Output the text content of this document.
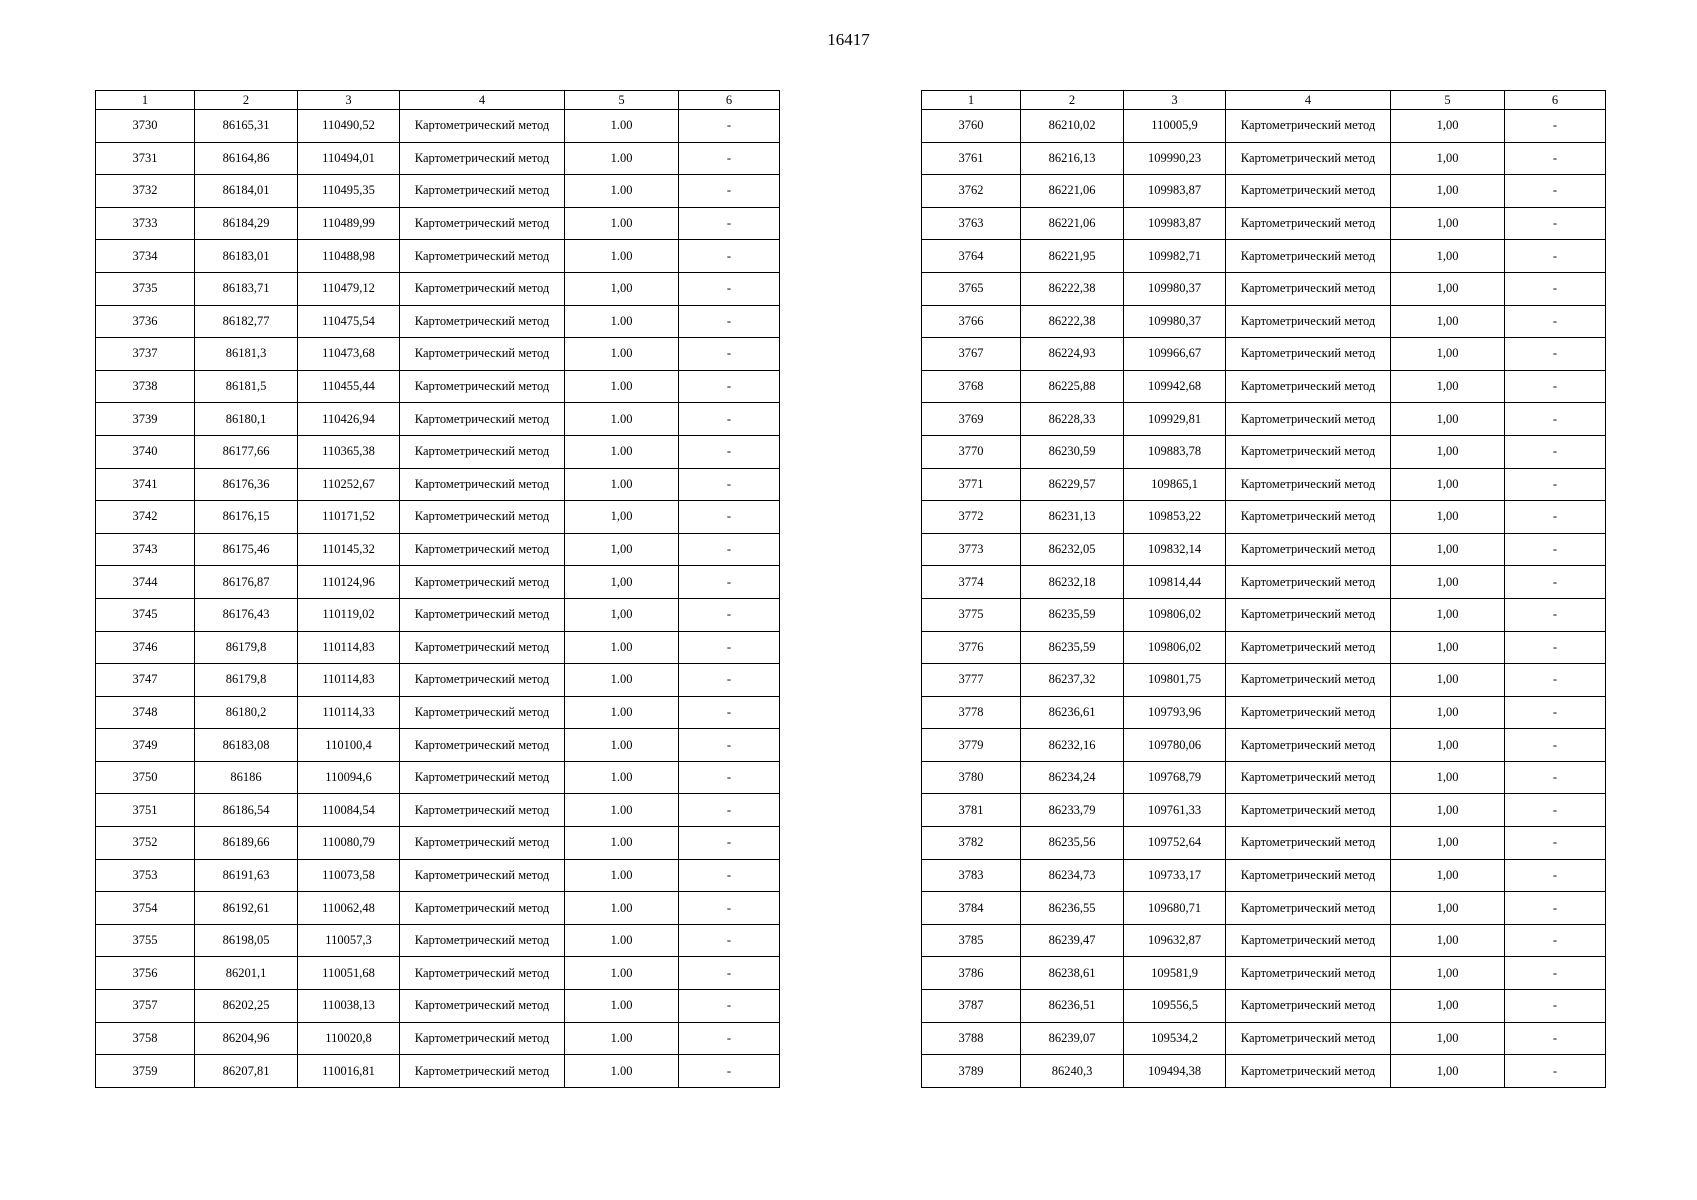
16417
1	2	3	4	5	6
3730	86165,31	110490,52	Картометрический метод	1.00	-
3731	86164,86	110494,01	Картометрический метод	1.00	-
3732	86184,01	110495,35	Картометрический метод	1.00	-
3733	86184,29	110489,99	Картометрический метод	1.00	-
3734	86183,01	110488,98	Картометрический метод	1.00	-
3735	86183,71	110479,12	Картометрический метод	1,00	-
3736	86182,77	110475,54	Картометрический метод	1.00	-
3737	86181,3	110473,68	Картометрический метод	1.00	-
3738	86181,5	110455,44	Картометрический метод	1.00	-
3739	86180,1	110426,94	Картометрический метод	1.00	-
3740	86177,66	110365,38	Картометрический метод	1.00	-
3741	86176,36	110252,67	Картометрический метод	1.00	-
3742	86176,15	110171,52	Картометрический метод	1,00	-
3743	86175,46	110145,32	Картометрический метод	1,00	-
3744	86176,87	110124,96	Картометрический метод	1,00	-
3745	86176,43	110119,02	Картометрический метод	1,00	-
3746	86179,8	110114,83	Картометрический метод	1.00	-
3747	86179,8	110114,83	Картометрический метод	1.00	-
3748	86180,2	110114,33	Картометрический метод	1.00	-
3749	86183,08	110100,4	Картометрический метод	1.00	-
3750	86186	110094,6	Картометрический метод	1.00	-
3751	86186,54	110084,54	Картометрический метод	1.00	-
3752	86189,66	110080,79	Картометрический метод	1.00	-
3753	86191,63	110073,58	Картометрический метод	1.00	-
3754	86192,61	110062,48	Картометрический метод	1.00	-
3755	86198,05	110057,3	Картометрический метод	1.00	-
3756	86201,1	110051,68	Картометрический метод	1.00	-
3757	86202,25	110038,13	Картометрический метод	1.00	-
3758	86204,96	110020,8	Картометрический метод	1.00	-
3759	86207,81	110016,81	Картометрический метод	1.00	-
1	2	3	4	5	6
3760	86210,02	110005,9	Картометрический метод	1,00	-
3761	86216,13	109990,23	Картометрический метод	1,00	-
3762	86221,06	109983,87	Картометрический метод	1,00	-
3763	86221,06	109983,87	Картометрический метод	1,00	-
3764	86221,95	109982,71	Картометрический метод	1,00	-
3765	86222,38	109980,37	Картометрический метод	1,00	-
3766	86222,38	109980,37	Картометрический метод	1,00	-
3767	86224,93	109966,67	Картометрический метод	1,00	-
3768	86225,88	109942,68	Картометрический метод	1,00	-
3769	86228,33	109929,81	Картометрический метод	1,00	-
3770	86230,59	109883,78	Картометрический метод	1,00	-
3771	86229,57	109865,1	Картометрический метод	1,00	-
3772	86231,13	109853,22	Картометрический метод	1,00	-
3773	86232,05	109832,14	Картометрический метод	1,00	-
3774	86232,18	109814,44	Картометрический метод	1,00	-
3775	86235,59	109806,02	Картометрический метод	1,00	-
3776	86235,59	109806,02	Картометрический метод	1,00	-
3777	86237,32	109801,75	Картометрический метод	1,00	-
3778	86236,61	109793,96	Картометрический метод	1,00	-
3779	86232,16	109780,06	Картометрический метод	1,00	-
3780	86234,24	109768,79	Картометрический метод	1,00	-
3781	86233,79	109761,33	Картометрический метод	1,00	-
3782	86235,56	109752,64	Картометрический метод	1,00	-
3783	86234,73	109733,17	Картометрический метод	1,00	-
3784	86236,55	109680,71	Картометрический метод	1,00	-
3785	86239,47	109632,87	Картометрический метод	1,00	-
3786	86238,61	109581,9	Картометрический метод	1,00	-
3787	86236,51	109556,5	Картометрический метод	1,00	-
3788	86239,07	109534,2	Картометрический метод	1,00	-
3789	86240,3	109494,38	Картометрический метод	1,00	-
